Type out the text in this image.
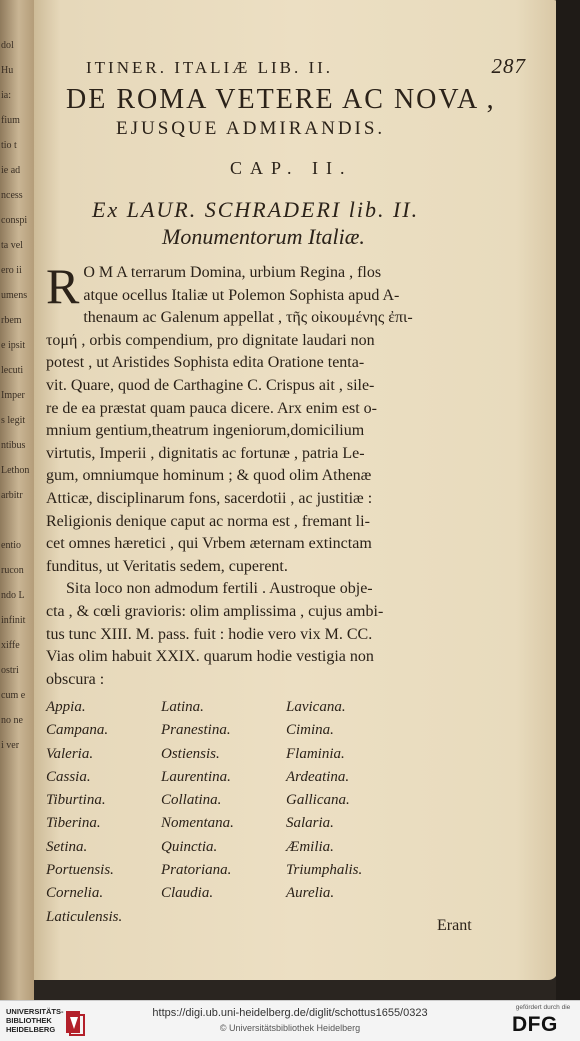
dol
Hu
ia:
fium
tio t
ie ad
ncess
conspi
ta vel
ero ii
umens
rbem
e ipsit
lecuti
Imper
s legit
ntibus
Lethon
arbitr
entio
rucon
ndo L
infinit
xiffe
ostri
cum e
no ne
i ver
ITINER. ITALIÆ LIB. II.	287
DE ROMA VETERE AC NOVA ,
EJUSQUE ADMIRANDIS.
CAP. II.
Ex LAUR. SCHRADERI lib. II.
Monumentorum Italiæ.
R O M A terrarum Domina, urbium Regina , flos
atque ocellus Italiæ ut Polemon Sophista apud A-
thenaum ac Galenum appellat , τῆς οἰκουμένης ἐπι-
τομή , orbis compendium, pro dignitate laudari non
potest , ut Aristides Sophista edita Oratione tenta-
vit. Quare, quod de Carthagine C. Crispus ait , sile-
re de ea præstat quam pauca dicere. Arx enim est o-
mnium gentium,theatrum ingeniorum,domicilium
virtutis, Imperii , dignitatis ac fortunæ , patria Le-
gum, omniumque hominum ; & quod olim Athenæ
Atticæ, disciplinarum fons, sacerdotii , ac justitiæ :
Religionis denique caput ac norma est , fremant li-
cet omnes hæretici , qui Vrbem æternam extinctam
funditus, ut Veritatis sedem, cuperent.
Sita loco non admodum fertili . Austroque obje-
cta , & cœli gravioris: olim amplissima , cujus ambi-
tus tunc XIII. M. pass. fuit : hodie vero vix M. CC.
Vias olim habuit XXIX. quarum hodie vestigia non
obscura :
Appia.	Latina.	Lavicana.
Campana.	Pranestina.	Cimina.
Valeria.	Ostiensis.	Flaminia.
Cassia.	Laurentina.	Ardeatina.
Tiburtina.	Collatina.	Gallicana.
Tiberina.	Nomentana.	Salaria.
Setina.	Quinctia.	Æmilia.
Portuensis.	Pratoriana.	Triumphalis.
Cornelia.	Claudia.	Aurelia.
Laticulensis.
Erant
UNIVERSITÄTS-
BIBLIOTHEK
HEIDELBERG
https://digi.ub.uni-heidelberg.de/diglit/schottus1655/0323
© Universitätsbibliothek Heidelberg
gefördert durch die
DFG
